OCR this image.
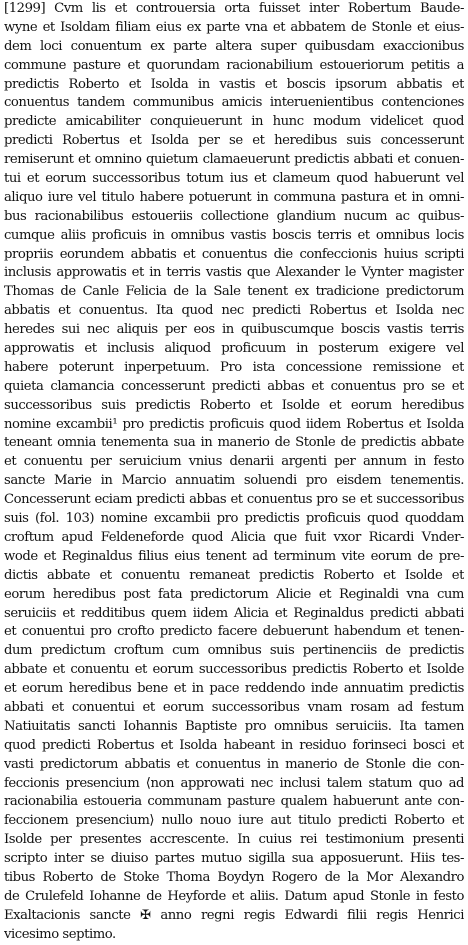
[1299] Cvm lis et controuersia orta fuisset inter Robertum Baude-
wyne et Isoldam filiam eius ex parte vna et abbatem de Stonle et eius-
dem loci conuentum ex parte altera super quibusdam exaccionibus
commune pasture et quorundam racionabilium estoueriorum petitis a
predictis Roberto et Isolda in vastis et boscis ipsorum abbatis et
conuentus tandem communibus amicis interuenientibus contenciones
predicte amicabiliter conquieuerunt in hunc modum videlicet quod
predicti Robertus et Isolda per se et heredibus suis concesserunt
remiserunt et omnino quietum clamaeuerunt predictis abbati et conuen-
tui et eorum successoribus totum ius et clameum quod habuerunt vel
aliquo iure vel titulo habere potuerunt in communa pastura et in omni-
bus racionabilibus estoueriis collectione glandium nucum ac quibus-
cumque aliis proficuis in omnibus vastis boscis terris et omnibus locis
propriis eorundem abbatis et conuentus die confeccionis huius scripti
inclusis approwatis et in terris vastis que Alexander le Vynter magister
Thomas de Canle Felicia de la Sale tenent ex tradicione predictorum
abbatis et conuentus. Ita quod nec predicti Robertus et Isolda nec
heredes sui nec aliquis per eos in quibuscumque boscis vastis terris
approwatis et inclusis aliquod proficuum in posterum exigere vel
habere poterunt inperpetuum. Pro ista concessione remissione et
quieta clamancia concesserunt predicti abbas et conuentus pro se et
successoribus suis predictis Roberto et Isolde et eorum heredibus
nomine excambii¹ pro predictis proficuis quod iidem Robertus et Isolda
teneant omnia tenementa sua in manerio de Stonle de predictis abbate
et conuentu per seruicium vnius denarii argenti per annum in festo
sancte Marie in Marcio annuatim soluendi pro eisdem tenementis.
Concesserunt eciam predicti abbas et conuentus pro se et successoribus
suis (fol. 103) nomine excambii pro predictis proficuis quod quoddam
croftum apud Feldeneforde quod Alicia que fuit vxor Ricardi Vnder-
wode et Reginaldus filius eius tenent ad terminum vite eorum de pre-
dictis abbate et conuentu remaneat predictis Roberto et Isolde et
eorum heredibus post fata predictorum Alicie et Reginaldi vna cum
seruiciis et redditibus quem iidem Alicia et Reginaldus predicti abbati
et conuentui pro crofto predicto facere debuerunt habendum et tenen-
dum predictum croftum cum omnibus suis pertinenciis de predictis
abbate et conuentu et eorum successoribus predictis Roberto et Isolde
et eorum heredibus bene et in pace reddendo inde annuatim predictis
abbati et conuentui et eorum successoribus vnam rosam ad festum
Natiuitatis sancti Iohannis Baptiste pro omnibus seruiciis. Ita tamen
quod predicti Robertus et Isolda habeant in residuo forinseci bosci et
vasti predictorum abbatis et conuentus in manerio de Stonle die con-
feccionis presencium ⟨non approwati nec inclusi talem statum quo ad
racionabilia estoueria communam pasture qualem habuerunt ante con-
feccionem presencium⟩ nullo nouo iure aut titulo predicti Roberto et
Isolde per presentes accrescente. In cuius rei testimonium presenti
scripto inter se diuiso partes mutuo sigilla sua apposuerunt. Hiis tes-
tibus Roberto de Stoke Thoma Boydyn Rogero de la Mor Alexandro
de Crulefeld Iohanne de Heyforde et aliis. Datum apud Stonle in festo
Exaltacionis sancte ✠ anno regni regis Edwardi filii regis Henrici
vicesimo septimo.
